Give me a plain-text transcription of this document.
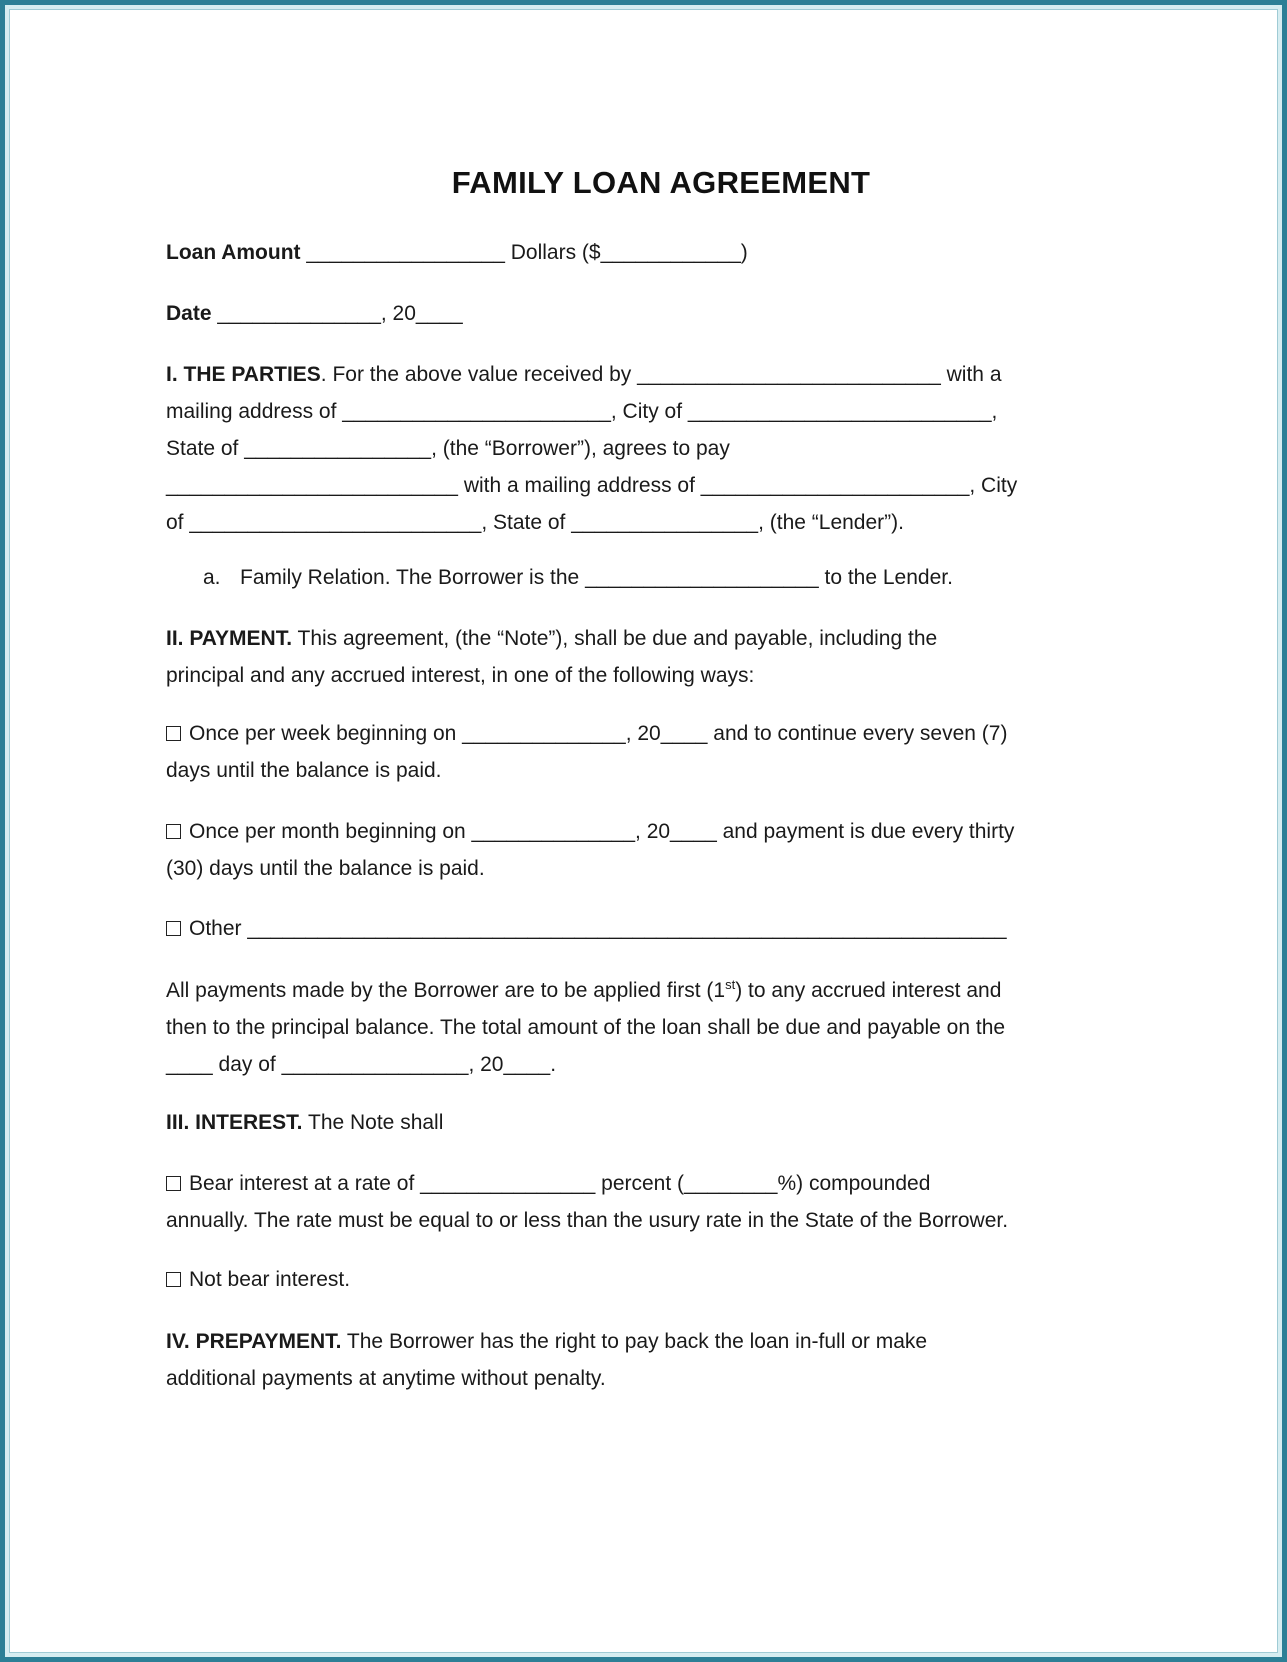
FAMILY LOAN AGREEMENT
Loan Amount _________________ Dollars ($____________)
Date ______________, 20____
I. THE PARTIES. For the above value received by __________________________ with a
mailing address of _______________________, City of __________________________,
State of ________________, (the “Borrower”), agrees to pay
_________________________ with a mailing address of _______________________, City
of _________________________, State of ________________, (the “Lender”).
a. Family Relation. The Borrower is the ____________________ to the Lender.
II. PAYMENT. This agreement, (the “Note”), shall be due and payable, including the
principal and any accrued interest, in one of the following ways:
Once per week beginning on ______________, 20____ and to continue every seven (7)
days until the balance is paid.
Once per month beginning on ______________, 20____ and payment is due every thirty
(30) days until the balance is paid.
Other _________________________________________________________________
All payments made by the Borrower are to be applied first (1st) to any accrued interest and
then to the principal balance. The total amount of the loan shall be due and payable on the
____ day of ________________, 20____.
III. INTEREST. The Note shall
Bear interest at a rate of _______________ percent (________%) compounded
annually. The rate must be equal to or less than the usury rate in the State of the Borrower.
Not bear interest.
IV. PREPAYMENT. The Borrower has the right to pay back the loan in-full or make
additional payments at anytime without penalty.
